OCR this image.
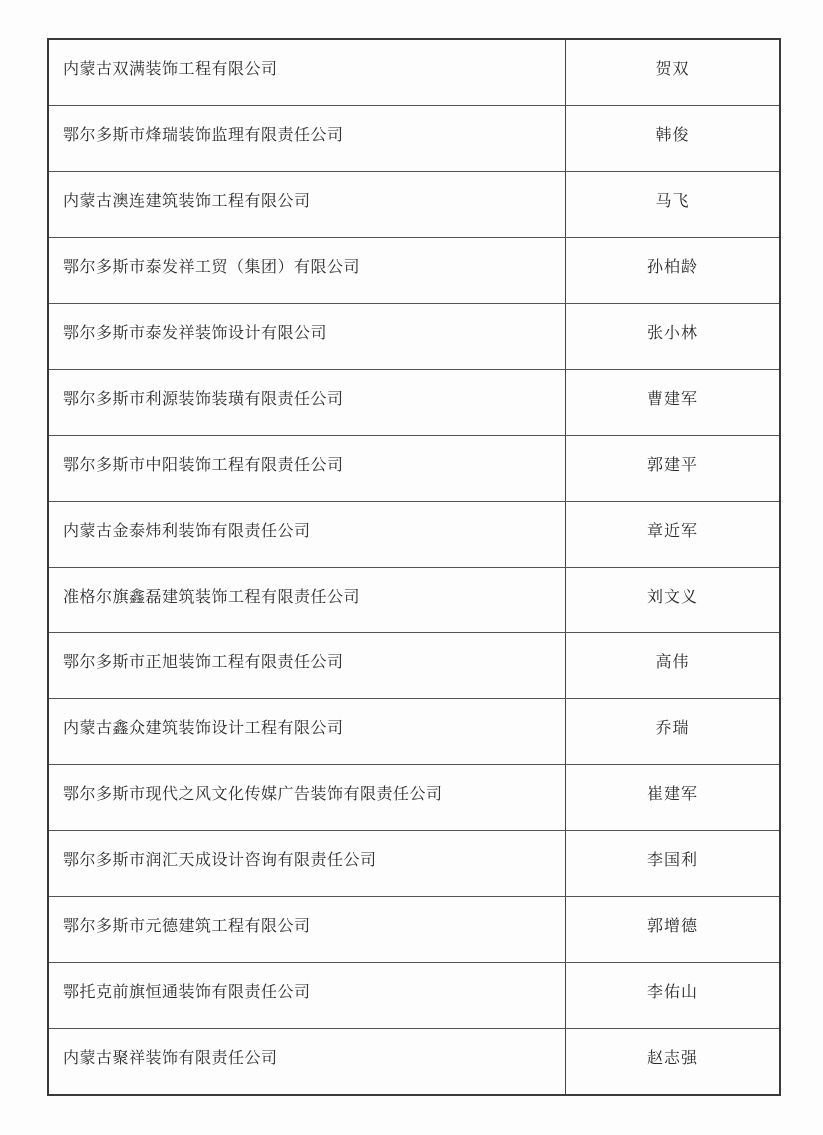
内蒙古双满装饰工程有限公司	贺双
鄂尔多斯市烽瑞装饰监理有限责任公司	韩俊
内蒙古澳连建筑装饰工程有限公司	马飞
鄂尔多斯市泰发祥工贸（集团）有限公司	孙柏龄
鄂尔多斯市泰发祥装饰设计有限公司	张小林
鄂尔多斯市利源装饰装璜有限责任公司	曹建军
鄂尔多斯市中阳装饰工程有限责任公司	郭建平
内蒙古金泰炜利装饰有限责任公司	章近军
准格尔旗鑫磊建筑装饰工程有限责任公司	刘文义
鄂尔多斯市正旭装饰工程有限责任公司	高伟
内蒙古鑫众建筑装饰设计工程有限公司	乔瑞
鄂尔多斯市现代之风文化传媒广告装饰有限责任公司	崔建军
鄂尔多斯市润汇天成设计咨询有限责任公司	李国利
鄂尔多斯市元德建筑工程有限公司	郭增德
鄂托克前旗恒通装饰有限责任公司	李佑山
内蒙古聚祥装饰有限责任公司	赵志强
